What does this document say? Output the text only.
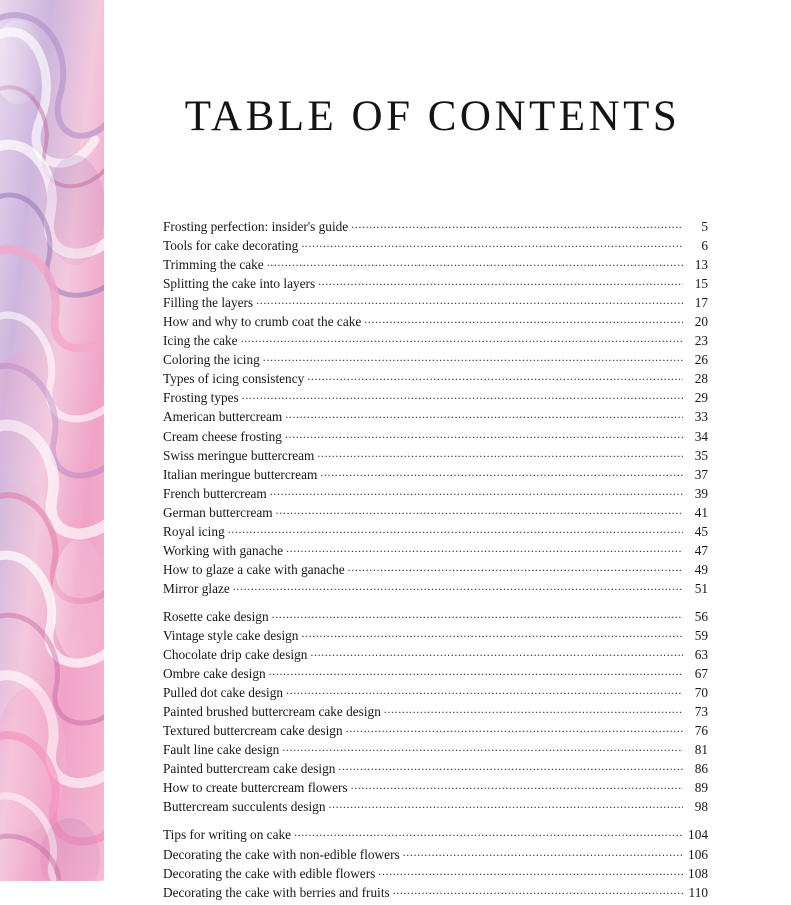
TABLE OF CONTENTS
Frosting perfection: insider's guide .....	5
Tools for cake decorating .....	6
Trimming the cake .....	13
Splitting the cake into layers .....	15
Filling the layers .....	17
How and why to crumb coat the cake .....	20
Icing the cake .....	23
Coloring the icing .....	26
Types of icing consistency .....	28
Frosting types .....	29
American buttercream .....	33
Cream cheese frosting .....	34
Swiss meringue buttercream .....	35
Italian meringue buttercream .....	37
French buttercream .....	39
German buttercream .....	41
Royal icing .....	45
Working with ganache .....	47
How to glaze a cake with ganache .....	49
Mirror glaze .....	51
Rosette cake design .....	56
Vintage style cake design .....	59
Chocolate drip cake design .....	63
Ombre cake design .....	67
Pulled dot cake design .....	70
Painted brushed buttercream cake design .....	73
Textured buttercream cake design .....	76
Fault line cake design .....	81
Painted buttercream cake design .....	86
How to create buttercream flowers .....	89
Buttercream succulents design .....	98
Tips for writing on cake .....	104
Decorating the cake with non-edible flowers .....	106
Decorating the cake with edible flowers .....	108
Decorating the cake with berries and fruits .....	110
